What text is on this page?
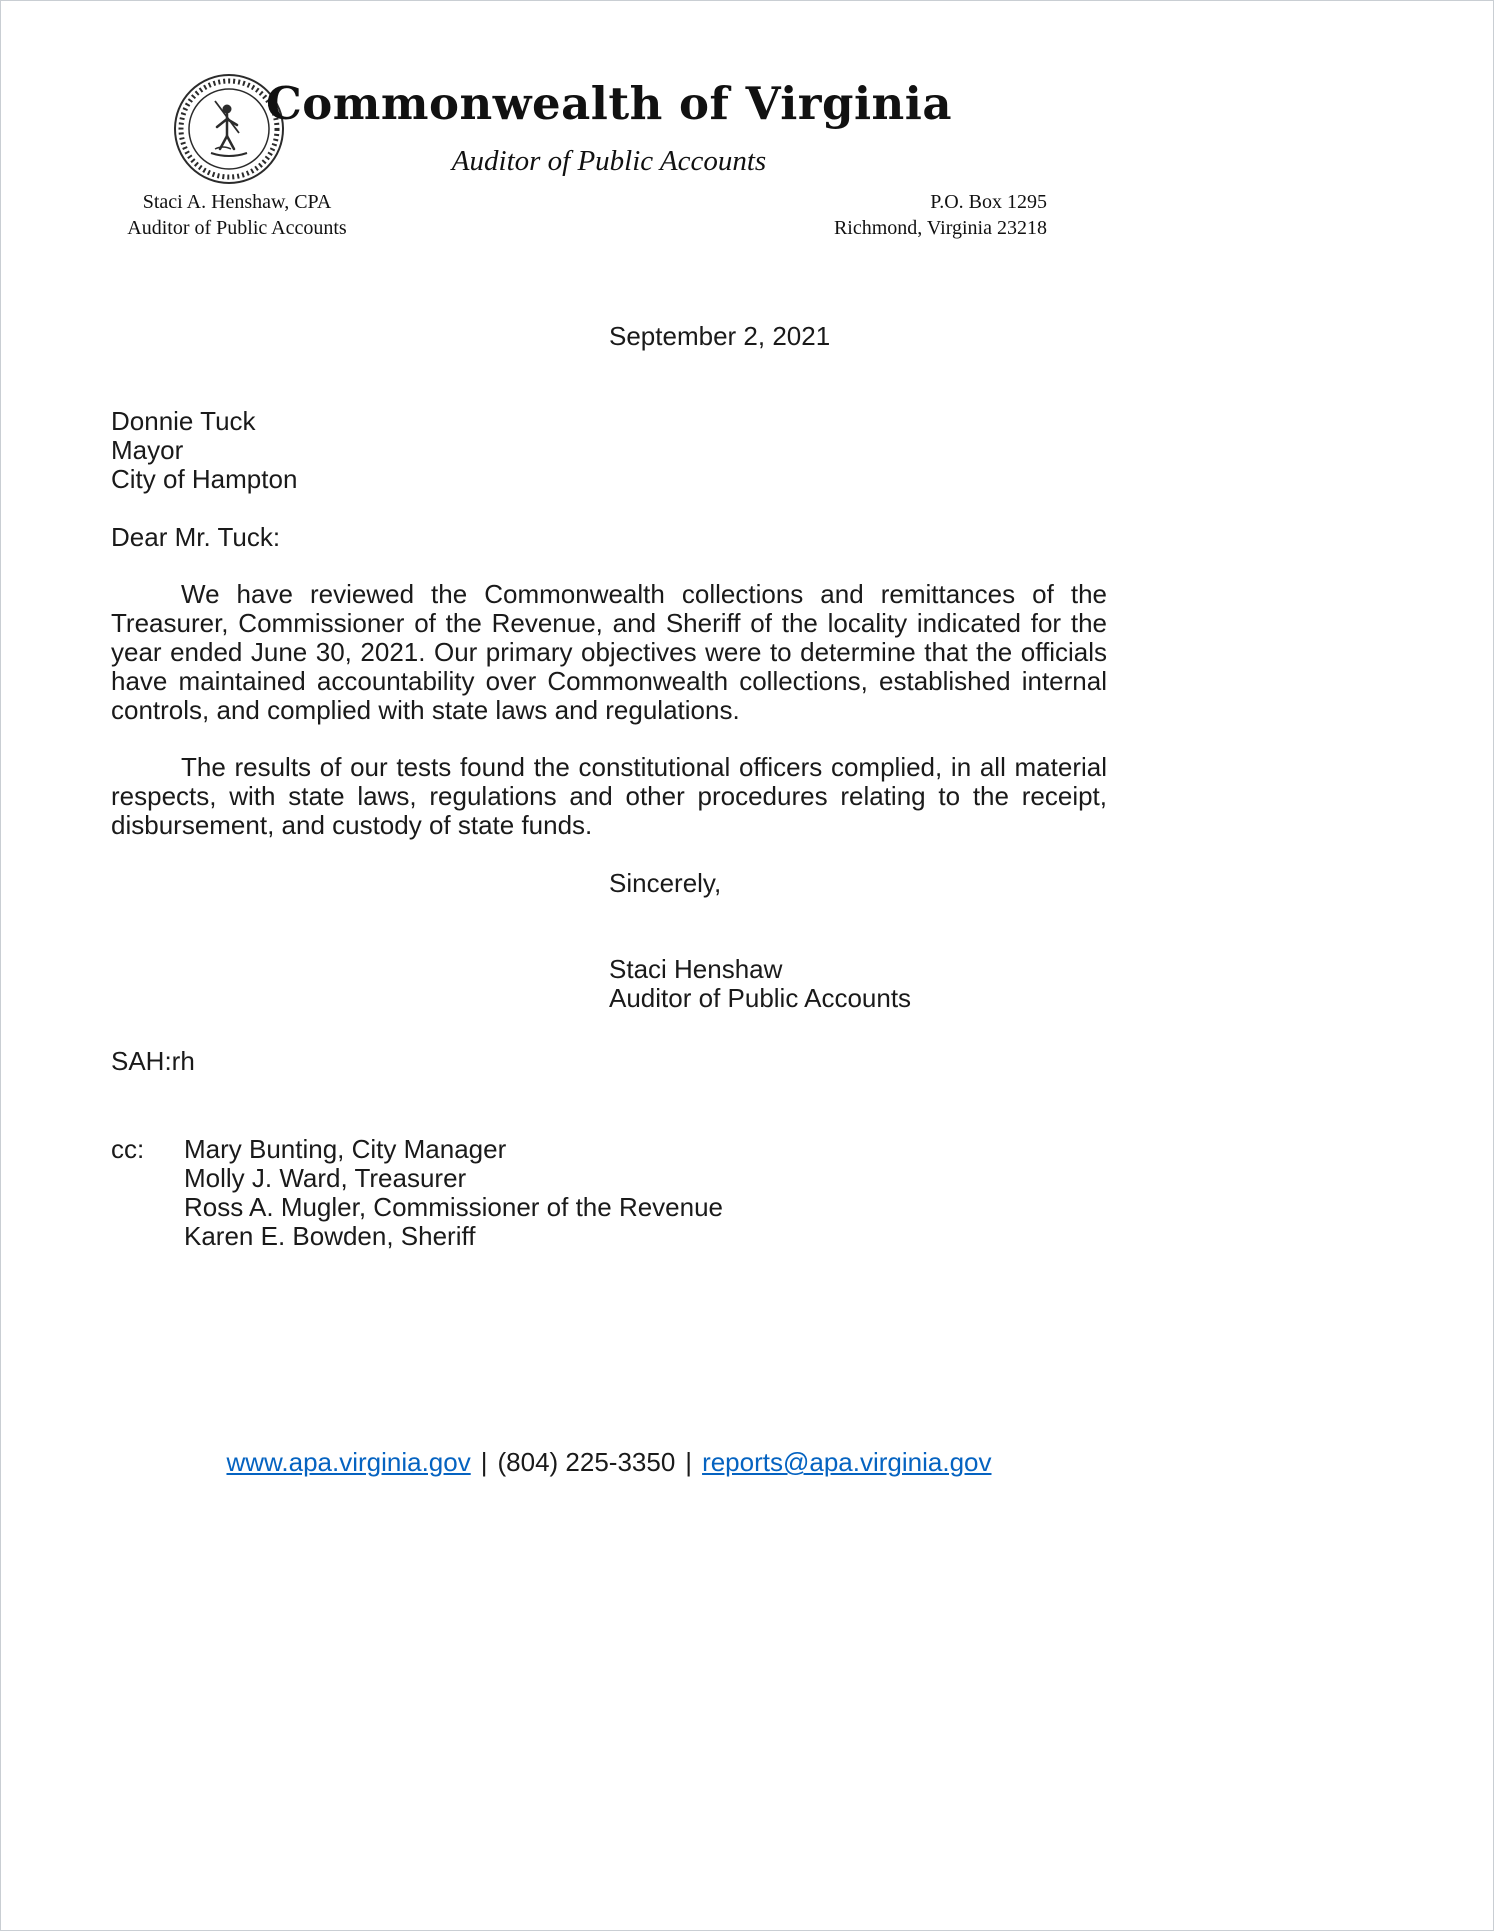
Commonwealth of Virginia
Auditor of Public Accounts
Staci A. Henshaw, CPA
Auditor of Public Accounts
P.O. Box 1295
Richmond, Virginia 23218
September 2, 2021
Donnie Tuck
Mayor
City of Hampton
Dear Mr. Tuck:
We have reviewed the Commonwealth collections and remittances of the Treasurer, Commissioner of the Revenue, and Sheriff of the locality indicated for the year ended June 30, 2021. Our primary objectives were to determine that the officials have maintained accountability over Commonwealth collections, established internal controls, and complied with state laws and regulations.
The results of our tests found the constitutional officers complied, in all material respects, with state laws, regulations and other procedures relating to the receipt, disbursement, and custody of state funds.
Sincerely,
Staci Henshaw
Auditor of Public Accounts
SAH:rh
cc:	Mary Bunting, City Manager
Molly J. Ward, Treasurer
Ross A. Mugler, Commissioner of the Revenue
Karen E. Bowden, Sheriff
www.apa.virginia.gov | (804) 225-3350 | reports@apa.virginia.gov
